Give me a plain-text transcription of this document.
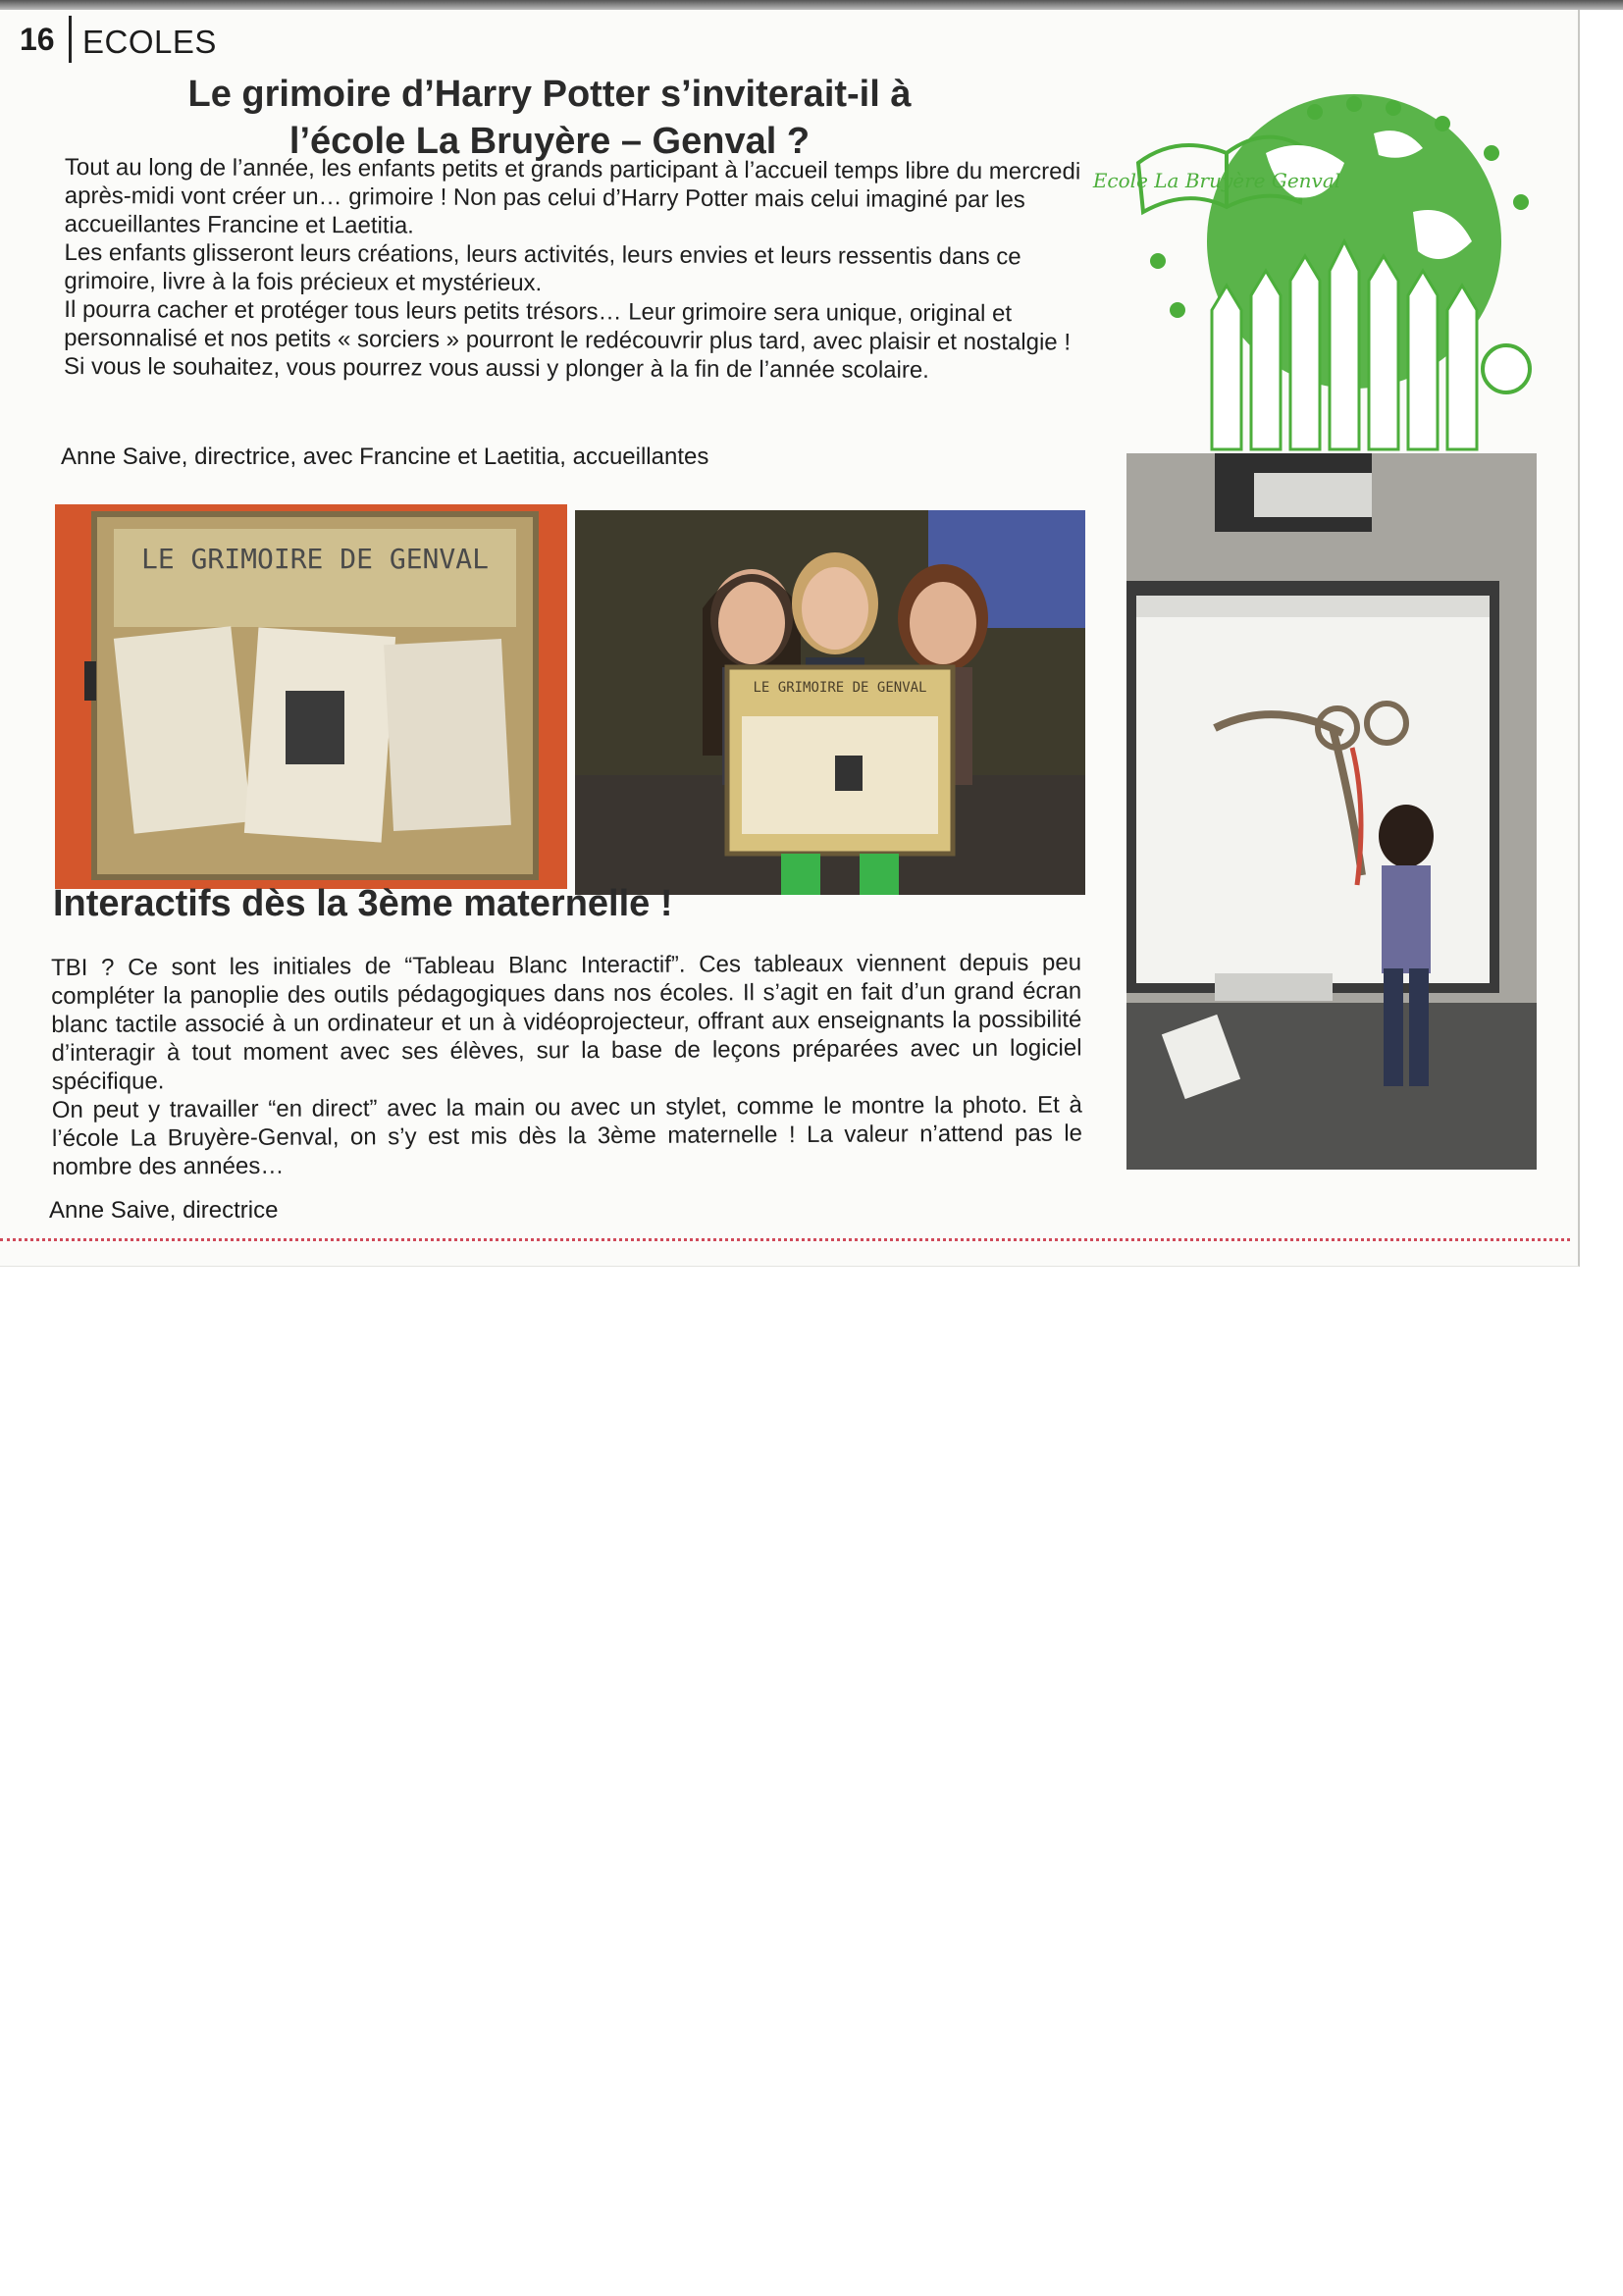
16 ECOLES
Le grimoire d’Harry Potter s’inviterait-il à l’école La Bruyère – Genval ?

Tout au long de l’année, les enfants petits et grands participant à l’accueil temps libre du mercredi après-midi vont créer un… grimoire ! Non pas celui d’Harry Potter mais celui imaginé par les accueillantes Francine et Laetitia.

Les enfants glisseront leurs créations, leurs activités, leurs envies et leurs ressentis dans ce grimoire, livre à la fois précieux et mystérieux.

Il pourra cacher et protéger tous leurs petits trésors… Leur grimoire sera unique, original et personnalisé et nos petits « sorciers » pourront le redécouvrir plus tard, avec plaisir et nostalgie !

Si vous le souhaitez, vous pourrez vous aussi y plonger à la fin de l’année scolaire.

Anne Saive, directrice, avec Francine et Laetitia, accueillantes
Ecole La Bruyère Genval
LE GRIMOIRE DE GENVAL
LE GRIMOIRE DE GENVAL
Interactifs dès la 3ème maternelle !

TBI ? Ce sont les initiales de “Tableau Blanc Interactif”. Ces tableaux viennent depuis peu compléter la panoplie des outils pédagogiques dans nos écoles. Il s’agit en fait d’un grand écran blanc tactile associé à un ordinateur et un à vidéoprojecteur, offrant aux enseignants la possibilité d’interagir à tout moment avec ses élèves, sur la base de leçons préparées avec un logiciel spécifique.

On peut y travailler “en direct” avec la main ou avec un stylet, comme le montre la photo. Et à l’école La Bruyère-Genval, on s’y est mis dès la 3ème maternelle ! La valeur n’attend pas le nombre des années…

Anne Saive, directrice
